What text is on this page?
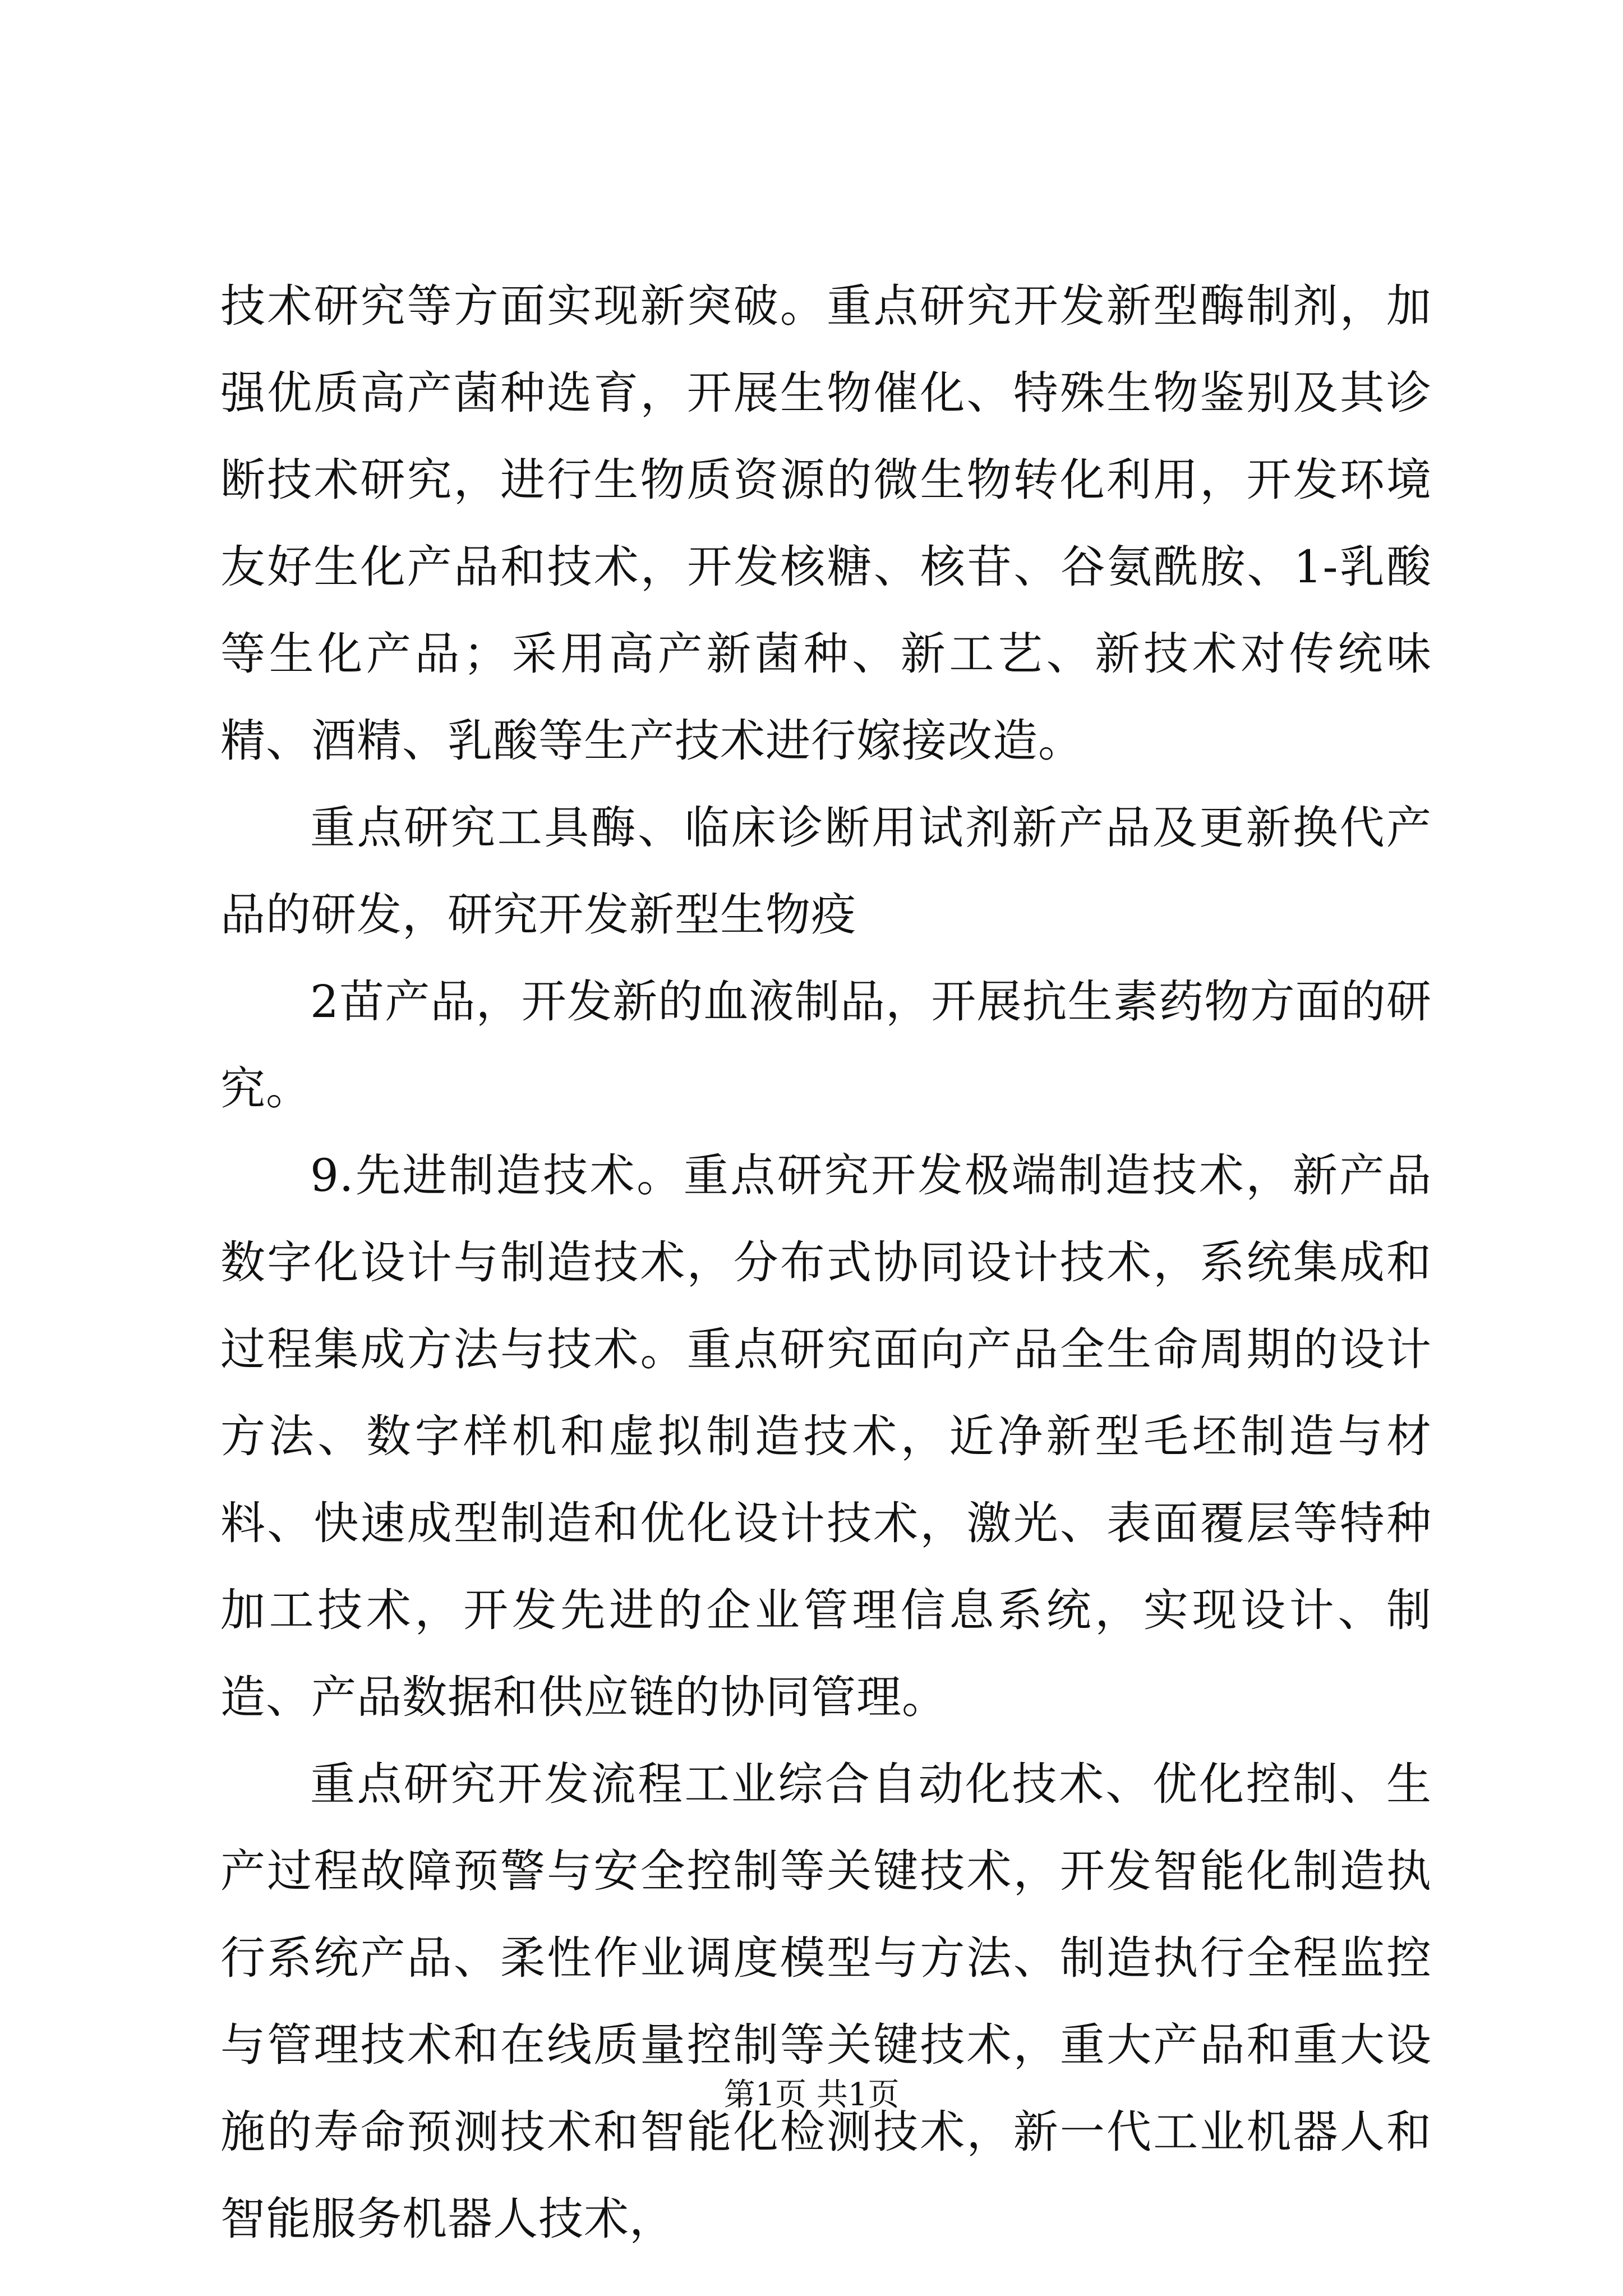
技术研究等方面实现新突破。重点研究开发新型酶制剂，加强优质高产菌种选育，开展生物催化、特殊生物鉴别及其诊断技术研究，进行生物质资源的微生物转化利用，开发环境友好生化产品和技术，开发核糖、核苷、谷氨酰胺、1-乳酸等生化产品；采用高产新菌种、新工艺、新技术对传统味精、酒精、乳酸等生产技术进行嫁接改造。

重点研究工具酶、临床诊断用试剂新产品及更新换代产品的研发，研究开发新型生物疫

2苗产品，开发新的血液制品，开展抗生素药物方面的研究。

9.先进制造技术。重点研究开发极端制造技术，新产品数字化设计与制造技术，分布式协同设计技术，系统集成和过程集成方法与技术。重点研究面向产品全生命周期的设计方法、数字样机和虚拟制造技术，近净新型毛坯制造与材料、快速成型制造和优化设计技术，激光、表面覆层等特种加工技术，开发先进的企业管理信息系统，实现设计、制造、产品数据和供应链的协同管理。

重点研究开发流程工业综合自动化技术、优化控制、生产过程故障预警与安全控制等关键技术，开发智能化制造执行系统产品、柔性作业调度模型与方法、制造执行全程监控与管理技术和在线质量控制等关键技术，重大产品和重大设施的寿命预测技术和智能化检测技术，新一代工业机器人和智能服务机器人技术，

第1页 共1页
